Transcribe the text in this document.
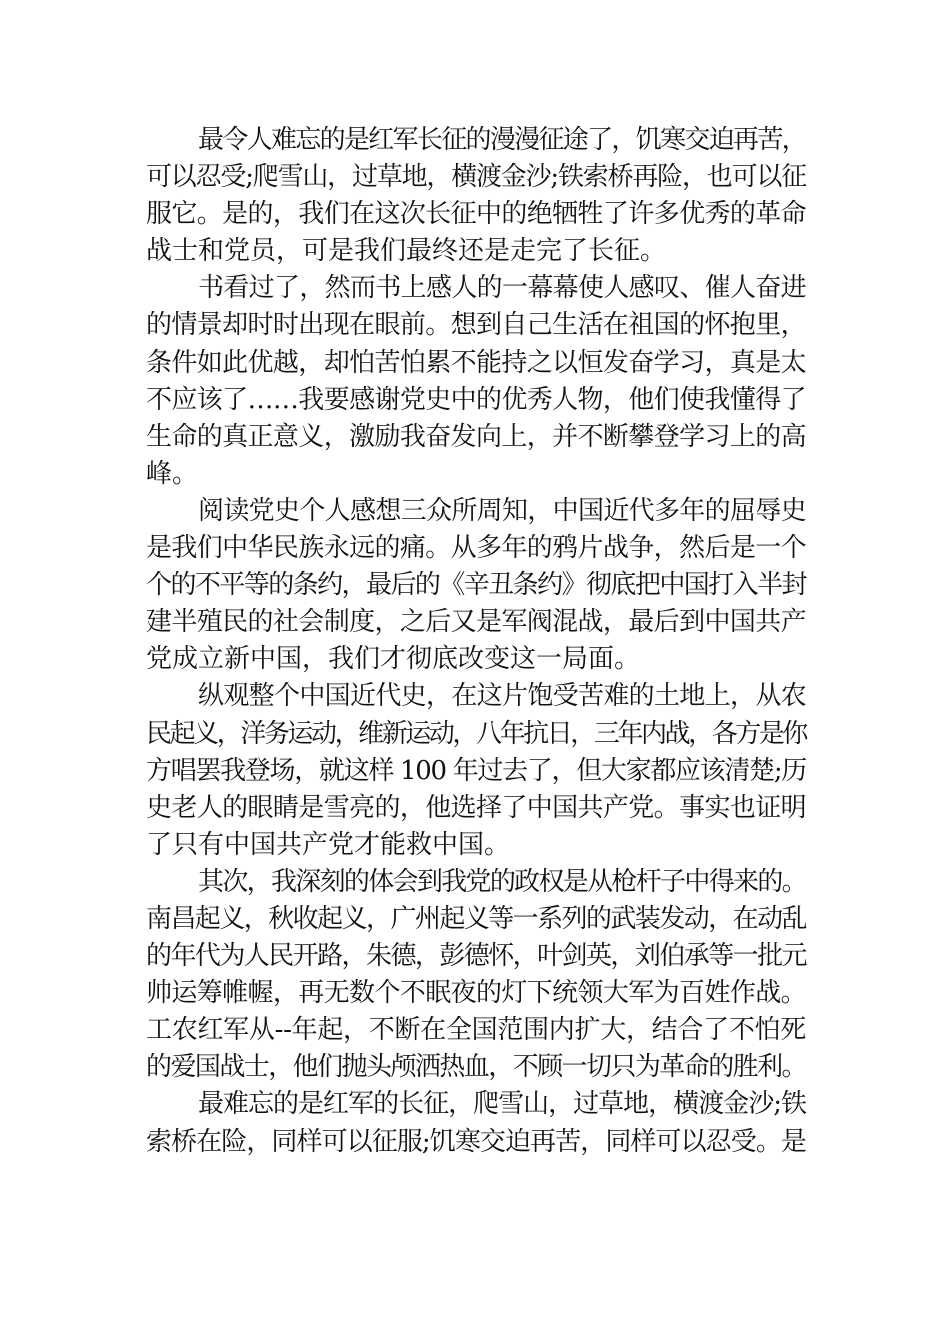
最令人难忘的是红军长征的漫漫征途了，饥寒交迫再苦，
可以忍受;爬雪山，过草地，横渡金沙;铁索桥再险，也可以征
服它。是的，我们在这次长征中的绝牺牲了许多优秀的革命
战士和党员，可是我们最终还是走完了长征。
书看过了，然而书上感人的一幕幕使人感叹、催人奋进
的情景却时时出现在眼前。想到自己生活在祖国的怀抱里，
条件如此优越，却怕苦怕累不能持之以恒发奋学习，真是太
不应该了……我要感谢党史中的优秀人物，他们使我懂得了
生命的真正意义，激励我奋发向上，并不断攀登学习上的高
峰。
阅读党史个人感想三众所周知，中国近代多年的屈辱史
是我们中华民族永远的痛。从多年的鸦片战争，然后是一个
个的不平等的条约，最后的《辛丑条约》彻底把中国打入半封
建半殖民的社会制度，之后又是军阀混战，最后到中国共产
党成立新中国，我们才彻底改变这一局面。
纵观整个中国近代史，在这片饱受苦难的土地上，从农
民起义，洋务运动，维新运动，八年抗日，三年内战，各方是你
方唱罢我登场，就这样 100 年过去了，但大家都应该清楚;历
史老人的眼睛是雪亮的，他选择了中国共产党。事实也证明
了只有中国共产党才能救中国。
其次，我深刻的体会到我党的政权是从枪杆子中得来的。
南昌起义，秋收起义，广州起义等一系列的武装发动，在动乱
的年代为人民开路，朱德，彭德怀，叶剑英，刘伯承等一批元
帅运筹帷幄，再无数个不眠夜的灯下统领大军为百姓作战。
工农红军从--年起，不断在全国范围内扩大，结合了不怕死
的爱国战士，他们抛头颅洒热血，不顾一切只为革命的胜利。
最难忘的是红军的长征，爬雪山，过草地，横渡金沙;铁
索桥在险，同样可以征服;饥寒交迫再苦，同样可以忍受。是
